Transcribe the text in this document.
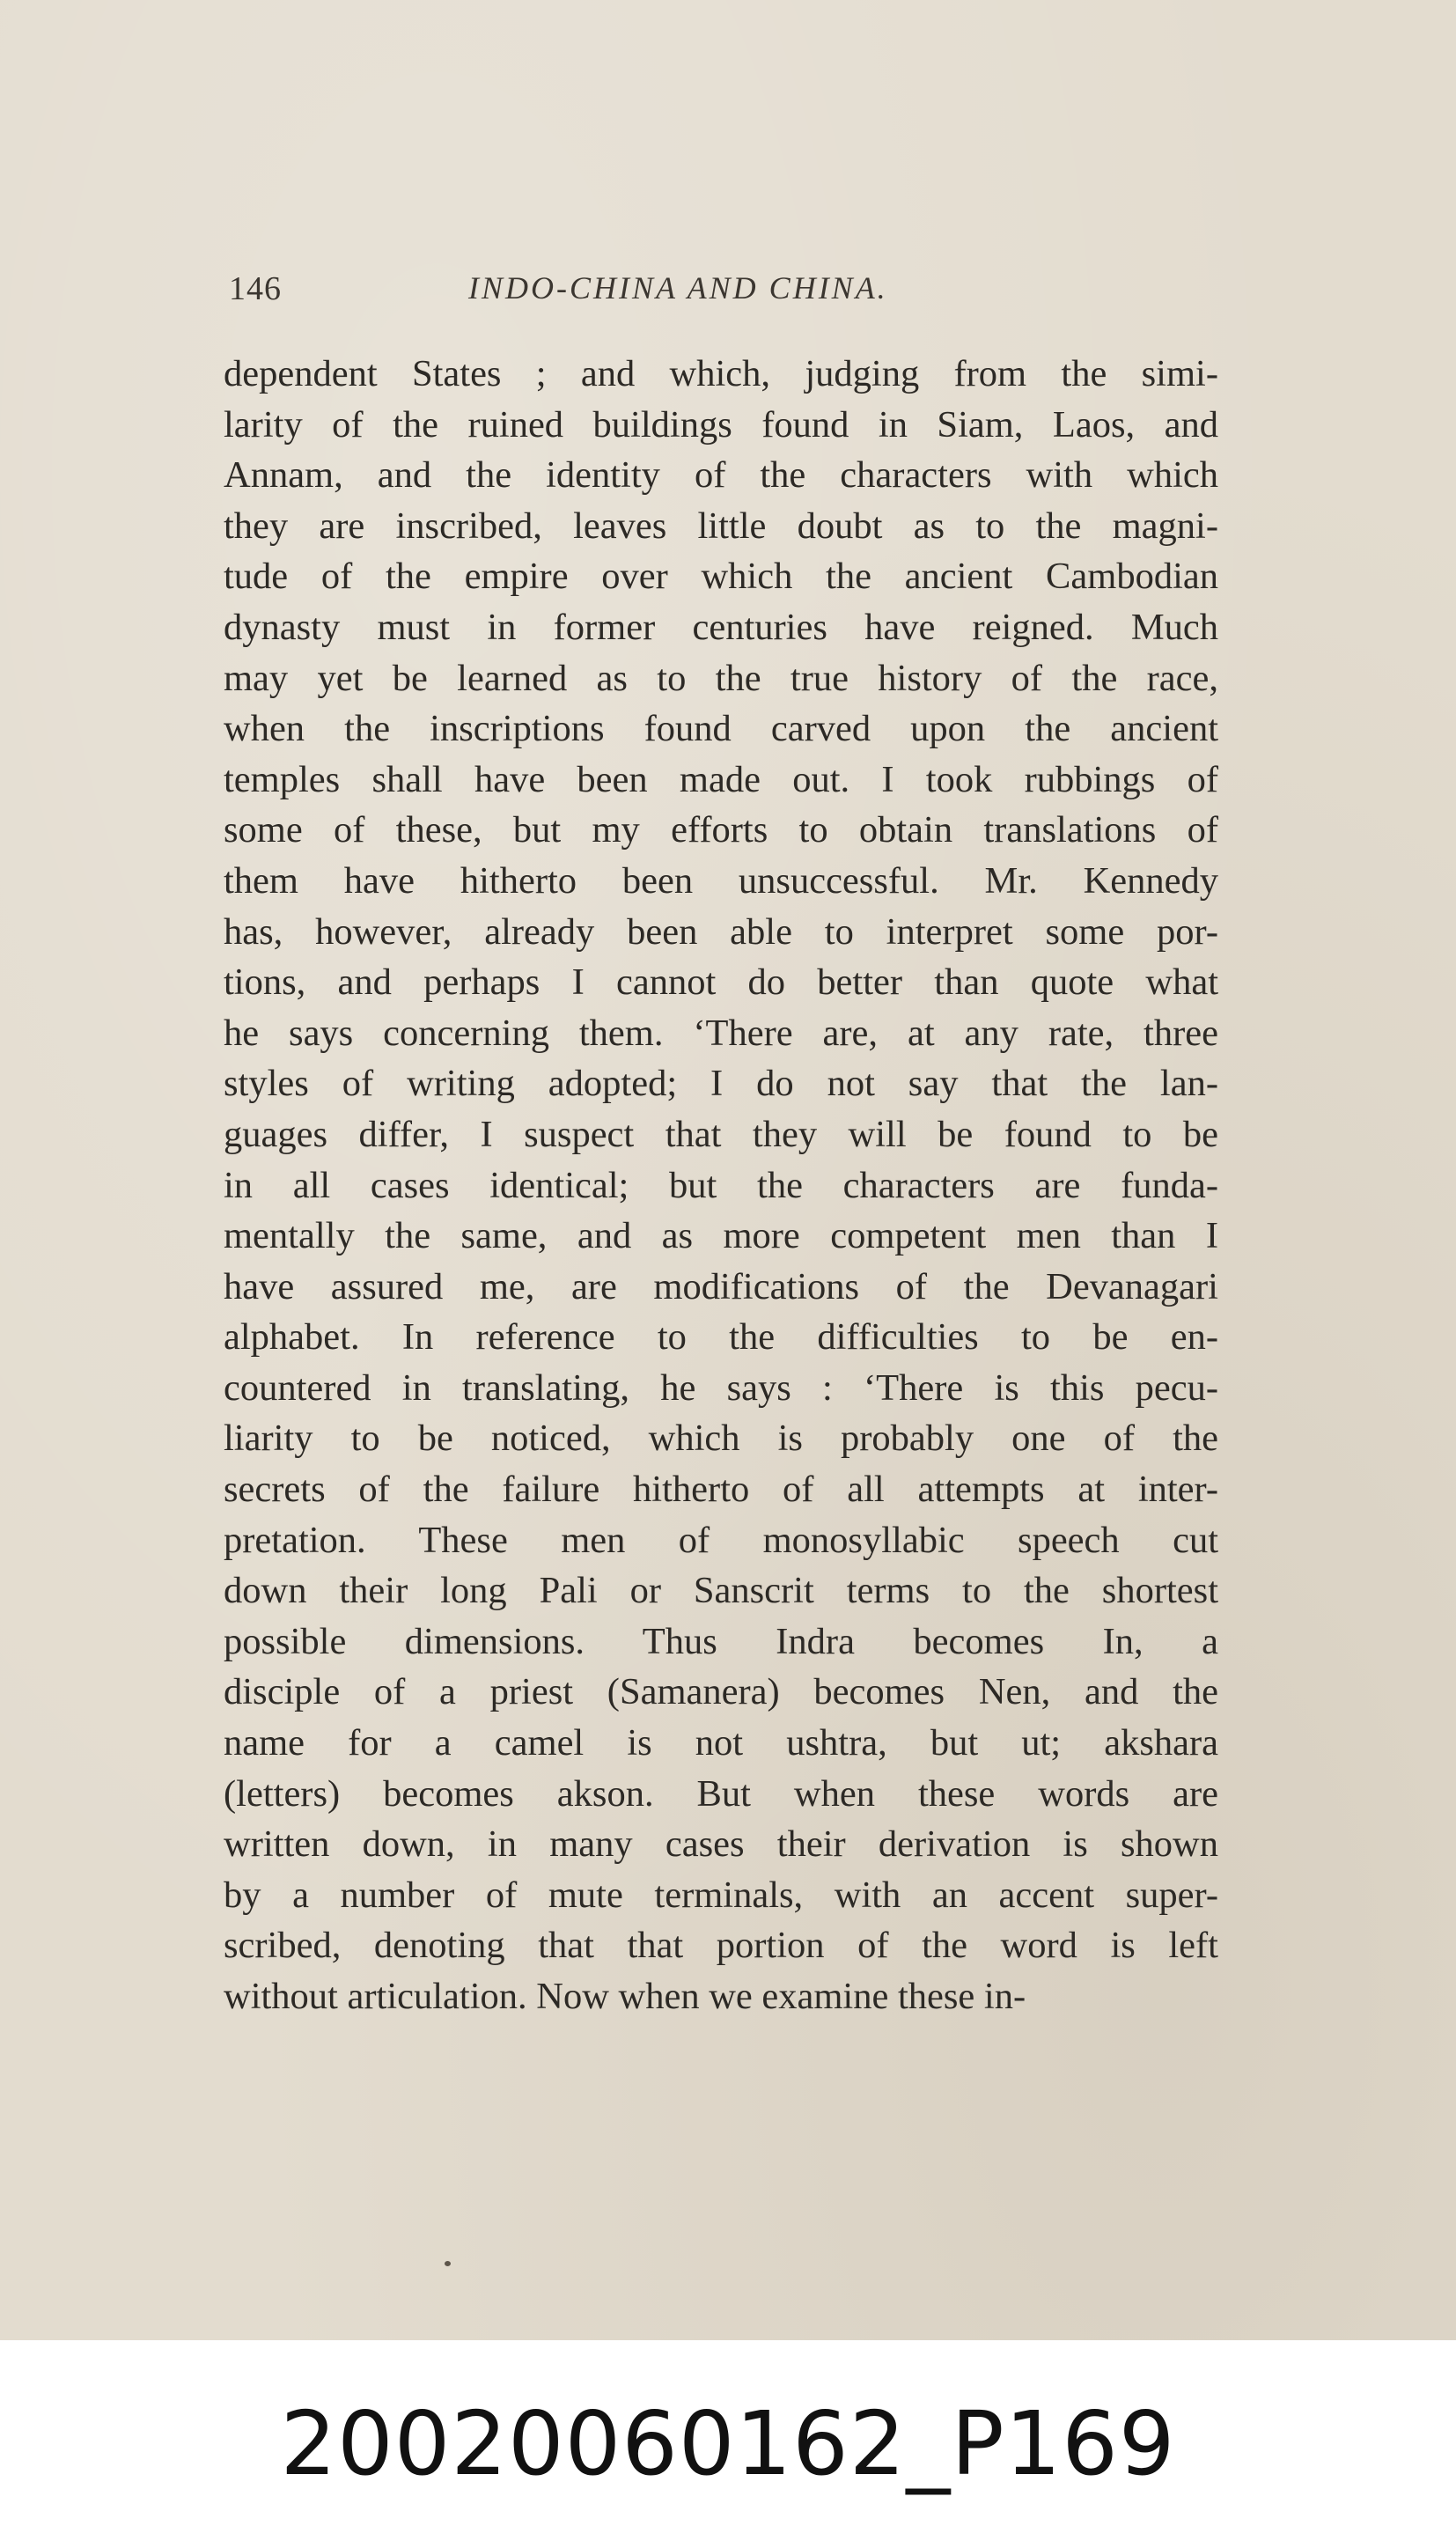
146	INDO-CHINA AND CHINA.
dependent States ; and which, judging from the simi-
larity of the ruined buildings found in Siam, Laos, and
Annam, and the identity of the characters with which
they are inscribed, leaves little doubt as to the magni-
tude of the empire over which the ancient Cambodian
dynasty must in former centuries have reigned. Much
may yet be learned as to the true history of the race,
when the inscriptions found carved upon the ancient
temples shall have been made out. I took rubbings of
some of these, but my efforts to obtain translations of
them have hitherto been unsuccessful. Mr. Kennedy
has, however, already been able to interpret some por-
tions, and perhaps I cannot do better than quote what
he says concerning them. ‘There are, at any rate, three
styles of writing adopted; I do not say that the lan-
guages differ, I suspect that they will be found to be
in all cases identical; but the characters are funda-
mentally the same, and as more competent men than I
have assured me, are modifications of the Devanagari
alphabet. In reference to the difficulties to be en-
countered in translating, he says : ‘There is this pecu-
liarity to be noticed, which is probably one of the
secrets of the failure hitherto of all attempts at inter-
pretation. These men of monosyllabic speech cut
down their long Pali or Sanscrit terms to the shortest
possible dimensions. Thus Indra becomes In, a
disciple of a priest (Samanera) becomes Nen, and the
name for a camel is not ushtra, but ut; akshara
(letters) becomes akson. But when these words are
written down, in many cases their derivation is shown
by a number of mute terminals, with an accent super-
scribed, denoting that that portion of the word is left
without articulation. Now when we examine these in-
20020060162_P169
